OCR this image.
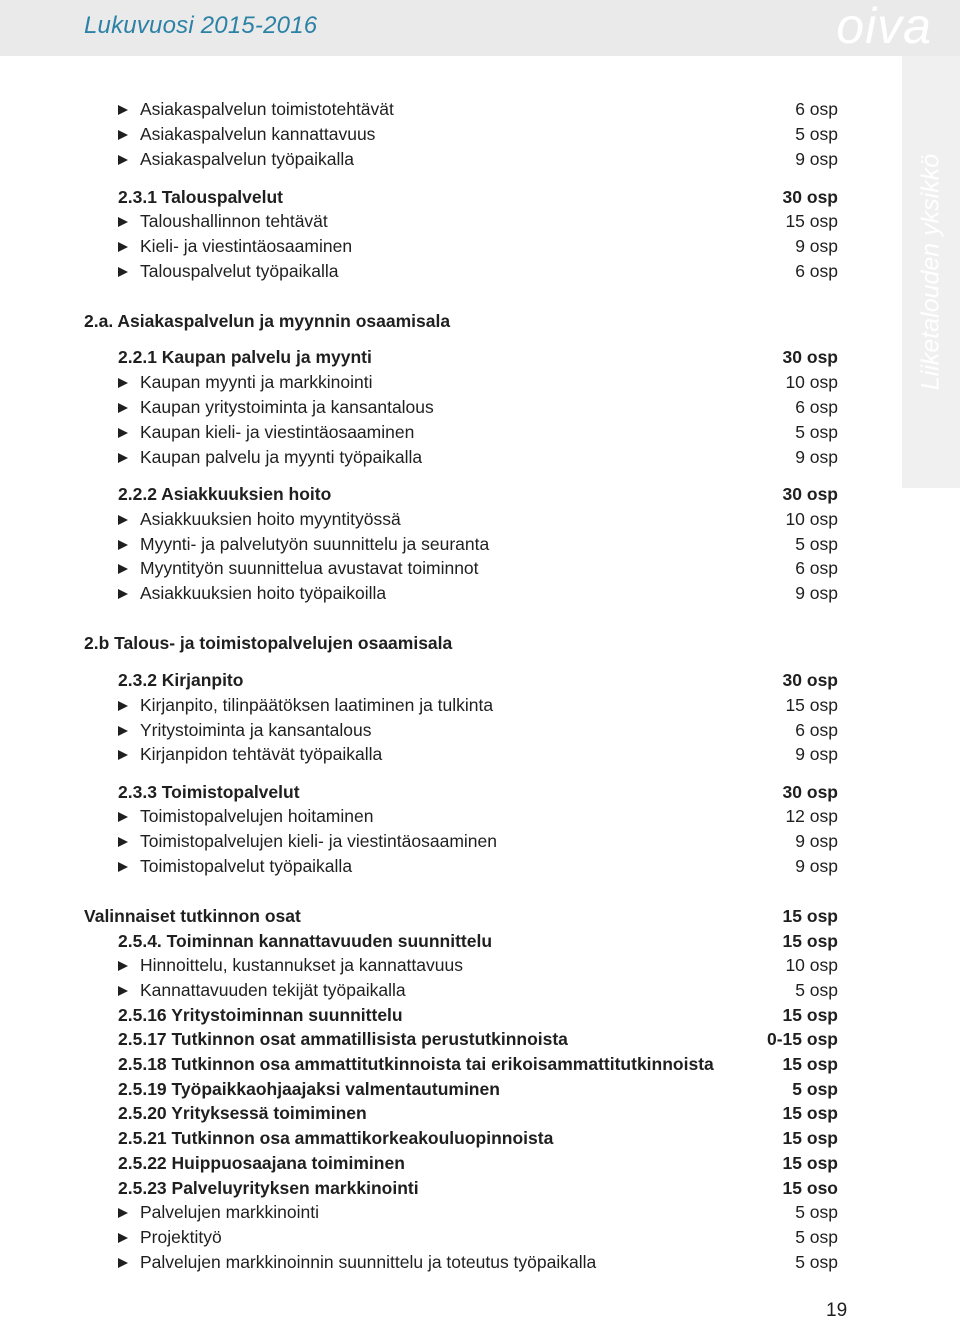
Lukuvuosi 2015-2016	oiva
Liiketalouden yksikkö
Asiakaspalvelun toimistotehtävät	6 osp
Asiakaspalvelun kannattavuus	5 osp
Asiakaspalvelun työpaikalla	9 osp
2.3.1 Talouspalvelut	30 osp
Taloushallinnon tehtävät	15 osp
Kieli- ja viestintäosaaminen	9 osp
Talouspalvelut työpaikalla	6 osp
2.a. Asiakaspalvelun ja myynnin osaamisala
2.2.1 Kaupan palvelu ja myynti	30 osp
Kaupan myynti ja markkinointi	10 osp
Kaupan yritystoiminta ja kansantalous	6 osp
Kaupan kieli- ja viestintäosaaminen	5 osp
Kaupan palvelu ja myynti työpaikalla	9 osp
2.2.2 Asiakkuuksien hoito	30 osp
Asiakkuuksien hoito myyntityössä	10 osp
Myynti- ja palvelutyön suunnittelu ja seuranta	5 osp
Myyntityön suunnittelua avustavat toiminnot	6 osp
Asiakkuuksien hoito työpaikoilla	9 osp
2.b Talous- ja toimistopalvelujen osaamisala
2.3.2 Kirjanpito	30 osp
Kirjanpito, tilinpäätöksen laatiminen ja tulkinta	15 osp
Yritystoiminta ja kansantalous	6 osp
Kirjanpidon tehtävät työpaikalla	9 osp
2.3.3 Toimistopalvelut	30 osp
Toimistopalvelujen hoitaminen	12 osp
Toimistopalvelujen kieli- ja viestintäosaaminen	9 osp
Toimistopalvelut työpaikalla	9 osp
Valinnaiset tutkinnon osat	15 osp
2.5.4. Toiminnan kannattavuuden suunnittelu	15 osp
Hinnoittelu, kustannukset ja kannattavuus	10 osp
Kannattavuuden tekijät työpaikalla	5 osp
2.5.16 Yritystoiminnan suunnittelu	15 osp
2.5.17 Tutkinnon osat ammatillisista perustutkinnoista	0-15 osp
2.5.18 Tutkinnon osa ammattitutkinnoista tai erikoisammattitutkinnoista	15 osp
2.5.19 Työpaikkaohjaajaksi valmentautuminen	5 osp
2.5.20 Yrityksessä toimiminen	15 osp
2.5.21 Tutkinnon osa ammattikorkeakouluopinnoista	15 osp
2.5.22 Huippuosaajana toimiminen	15 osp
2.5.23 Palveluyrityksen markkinointi	15 oso
Palvelujen markkinointi	5 osp
Projektityö	5 osp
Palvelujen markkinoinnin suunnittelu ja toteutus työpaikalla	5 osp
19
